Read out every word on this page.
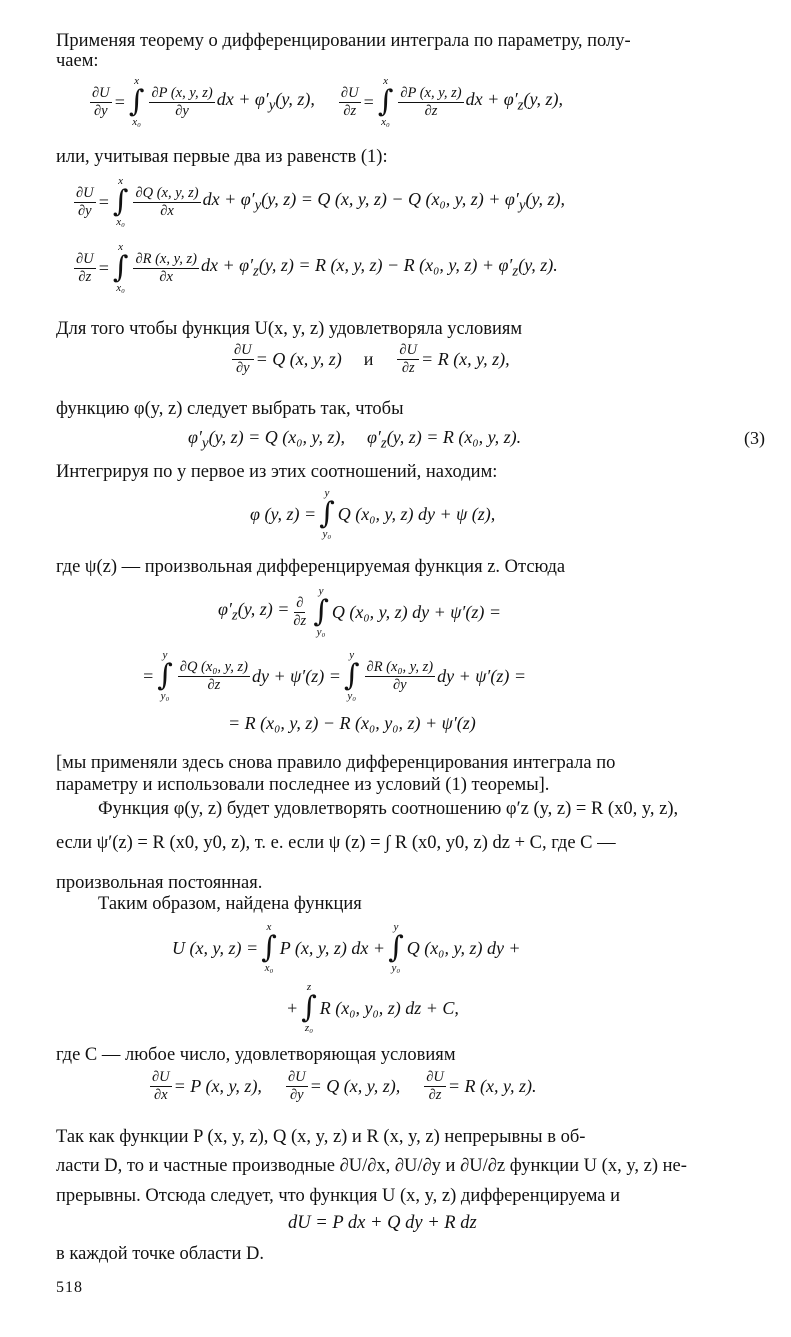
Применяя теорему о дифференцировании интеграла по параметру, полу-
чаем:
$\frac{\partial U}{\partial y}$ =
x
∫
x₀
$\frac{\partial P (x, y, z)}{\partial y}$ dx + $\varphi'_y(y$, z), $\frac{\partial U}{\partial z}$ =
x
∫
x₀
$\frac{\partial P (x, y, z)}{\partial z}$ dx + $\varphi'_z(y$, z),
или, учитывая первые два из равенств (1):
$\frac{\partial U}{\partial y}$ =
x
∫
x₀
$\frac{\partial Q (x, y, z)}{\partial x}$ dx + $\varphi'_y(y$, z) = Q (x, y, z) − Q (x₀, y, $z) + \varphi'_y(y$, z),
$\frac{\partial U}{\partial z}$ =
x
∫
x₀
$\frac{\partial R (x, y, z)}{\partial x}$ dx + $\varphi'_z(y$, z) = R (x, y, z) − R (x₀, y, $z) + \varphi'_z(y$, z).
Для того чтобы функция U(x, y, z) удовлетворяла условиям
$\frac{\partial U}{\partial y} = Q$ (x, y, z) и $\frac{\partial U}{\partial z} = R$ (x, y, z),
функцию φ(y, z) следует выбрать так, чтобы
$\varphi'_y(y$, z) = Q (x₀, y, z), $\varphi'_z(y$, z) = R (x₀, y, z).	(3)
Интегрируя по y первое из этих соотношений, находим:
φ (y, z) =
y
∫
y₀
Q (x₀, y, z) dy + ψ (z),
где ψ(z) — произвольная дифференцируемая функция z. Отсюда
$\varphi'_z(y$, $z) = \frac{\partial}{\partial z}$
y
∫
y₀
Q (x₀, y, z) dy + ψ′(z) =
=
y
∫
y₀
$\frac{\text{∂Q (x₀, y, z)}}{\partial z}$ dy + ψ′(z) =
y
∫
y₀
$\frac{\text{∂R (x₀, y, z)}}{\partial y}$ dy + ψ′(z) =
= R (x₀, y, z) − R (x₀, y₀, z) + ψ′(z)
[мы применяли здесь снова правило дифференцирования интеграла по
параметру и использовали последнее из условий (1) теоремы].
Функция φ(y, z) будет удовлетворять соотношению φ′z (y, z) = R (x0, y, z),
если ψ′(z) = R (x0, y0, z), т. е. если ψ (z) = ∫ R (x0, y0, z) dz + C, где C —
произвольная постоянная.
Таким образом, найдена функция
U (x, y, z) =
x
∫
x₀
P (x, y, z) dx +
y
∫
y₀
Q (x₀, y, z) dy +
+
z
∫
z₀
R (x₀, y₀, z) dz + C,
где C — любое число, удовлетворяющая условиям
$\frac{\partial U}{\partial x} = P$ (x, y, z), $\frac{\partial U}{\partial y} = Q$ (x, y, z), $\frac{\partial U}{\partial z} = R$ (x, y, z).
Так как функции P (x, y, z), Q (x, y, z) и R (x, y, z) непрерывны в об-
ласти D, то и частные производные ∂U/∂x, ∂U/∂y и ∂U/∂z функции U (x, y, z) не-
прерывны. Отсюда следует, что функция U (x, y, z) дифференцируема и
dU = P dx + Q dy + R dz
в каждой точке области D.
518
